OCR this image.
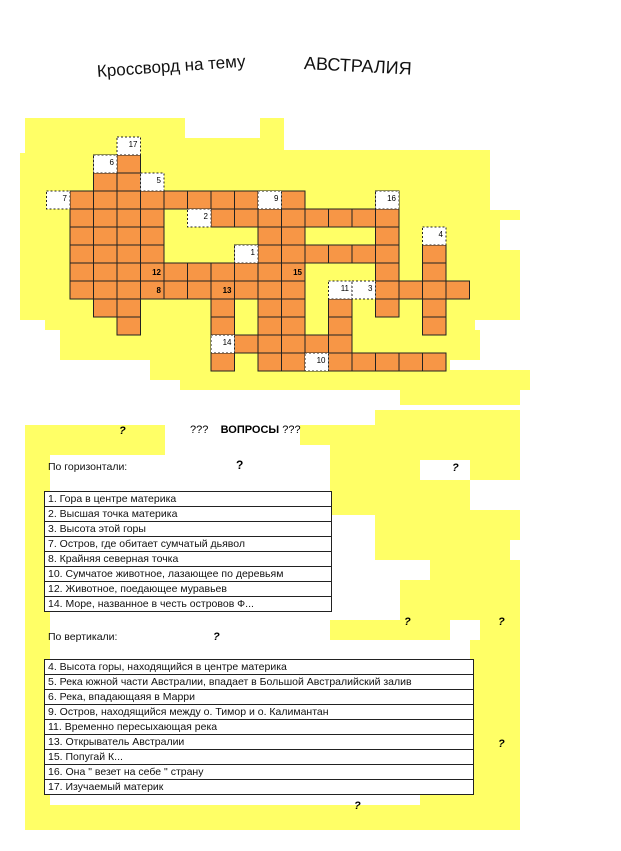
17
6
5
7	9	16
2
4
1
11 3
14
10
12	15
8	13
Кроссворд на тему	АВСТРАЛИЯ
?	??? ВОПРОСЫ ???
По горизонтали:	?	?
1. Гора в центре материка
2. Высшая точка материка
3. Высота этой горы
7. Остров, где обитает сумчатый дьявол
8. Крайняя северная точка
10. Сумчатое животное, лазающее по деревьям
12. Животное, поедающее муравьев
14. Море, названное в честь островов Ф...
?	?
По вертикали:	?
4. Высота горы, находящийся в центре материка
5. Река южной части Австралии, впадает в Большой Австралийский залив
6. Река, впадающаяя в Марри
9. Остров, находящийся между о. Тимор и о. Калимантан
11. Временно пересыхающая река
13. Открыватель Австралии
15. Попугай К...
16. Она " везет на себе " страну
17. Изучаемый материк
?
?
